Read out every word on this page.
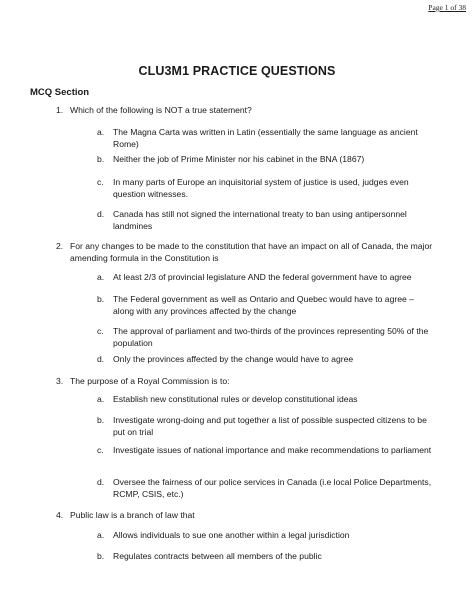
Page 1 of 38
CLU3M1 PRACTICE QUESTIONS
MCQ Section
1. Which of the following is NOT a true statement?
a. The Magna Carta was written in Latin (essentially the same language as ancient Rome)
b. Neither the job of Prime Minister nor his cabinet in the BNA (1867)
c. In many parts of Europe an inquisitorial system of justice is used, judges even question witnesses.
d. Canada has still not signed the international treaty to ban using antipersonnel landmines
2. For any changes to be made to the constitution that have an impact on all of Canada, the major amending formula in the Constitution is
a. At least 2/3 of provincial legislature AND the federal government have to agree
b. The Federal government as well as Ontario and Quebec would have to agree – along with any provinces affected by the change
c. The approval of parliament and two-thirds of the provinces representing 50% of the population
d. Only the provinces affected by the change would have to agree
3. The purpose of a Royal Commission is to:
a. Establish new constitutional rules or develop constitutional ideas
b. Investigate wrong-doing and put together a list of possible suspected citizens to be put on trial
c. Investigate issues of national importance and make recommendations to parliament
d. Oversee the fairness of our police services in Canada (i.e local Police Departments, RCMP, CSIS, etc.)
4. Public law is a branch of law that
a. Allows individuals to sue one another within a legal jurisdiction
b. Regulates contracts between all members of the public
